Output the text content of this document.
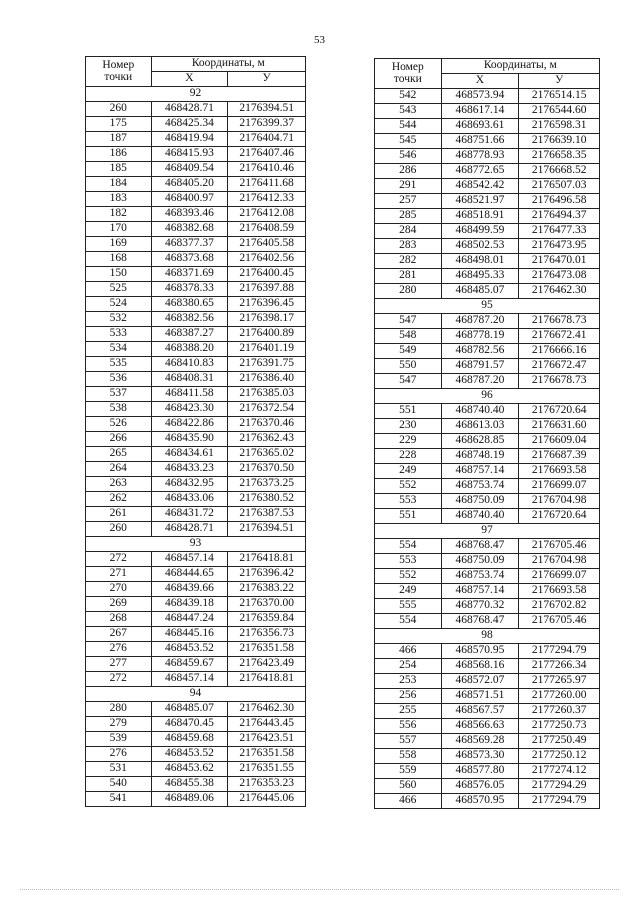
53
Номер
точки	Координаты, м	
	X	У
92		
260	468428.71	2176394.51
175	468425.34	2176399.37
187	468419.94	2176404.71
186	468415.93	2176407.46
185	468409.54	2176410.46
184	468405.20	2176411.68
183	468400.97	2176412.33
182	468393.46	2176412.08
170	468382.68	2176408.59
169	468377.37	2176405.58
168	468373.68	2176402.56
150	468371.69	2176400.45
525	468378.33	2176397.88
524	468380.65	2176396.45
532	468382.56	2176398.17
533	468387.27	2176400.89
534	468388.20	2176401.19
535	468410.83	2176391.75
536	468408.31	2176386.40
537	468411.58	2176385.03
538	468423.30	2176372.54
526	468422.86	2176370.46
266	468435.90	2176362.43
265	468434.61	2176365.02
264	468433.23	2176370.50
263	468432.95	2176373.25
262	468433.06	2176380.52
261	468431.72	2176387.53
260	468428.71	2176394.51
93		
272	468457.14	2176418.81
271	468444.65	2176396.42
270	468439.66	2176383.22
269	468439.18	2176370.00
268	468447.24	2176359.84
267	468445.16	2176356.73
276	468453.52	2176351.58
277	468459.67	2176423.49
272	468457.14	2176418.81
94		
280	468485.07	2176462.30
279	468470.45	2176443.45
539	468459.68	2176423.51
276	468453.52	2176351.58
531	468453.62	2176351.55
540	468455.38	2176353.23
541	468489.06	2176445.06
Номер
точки	Координаты, м	
	X	У
542	468573.94	2176514.15
543	468617.14	2176544.60
544	468693.61	2176598.31
545	468751.66	2176639.10
546	468778.93	2176658.35
286	468772.65	2176668.52
291	468542.42	2176507.03
257	468521.97	2176496.58
285	468518.91	2176494.37
284	468499.59	2176477.33
283	468502.53	2176473.95
282	468498.01	2176470.01
281	468495.33	2176473.08
280	468485.07	2176462.30
95		
547	468787.20	2176678.73
548	468778.19	2176672.41
549	468782.56	2176666.16
550	468791.57	2176672.47
547	468787.20	2176678.73
96		
551	468740.40	2176720.64
230	468613.03	2176631.60
229	468628.85	2176609.04
228	468748.19	2176687.39
249	468757.14	2176693.58
552	468753.74	2176699.07
553	468750.09	2176704.98
551	468740.40	2176720.64
97		
554	468768.47	2176705.46
553	468750.09	2176704.98
552	468753.74	2176699.07
249	468757.14	2176693.58
555	468770.32	2176702.82
554	468768.47	2176705.46
98		
466	468570.95	2177294.79
254	468568.16	2177266.34
253	468572.07	2177265.97
256	468571.51	2177260.00
255	468567.57	2177260.37
556	468566.63	2177250.73
557	468569.28	2177250.49
558	468573.30	2177250.12
559	468577.80	2177274.12
560	468576.05	2177294.29
466	468570.95	2177294.79
